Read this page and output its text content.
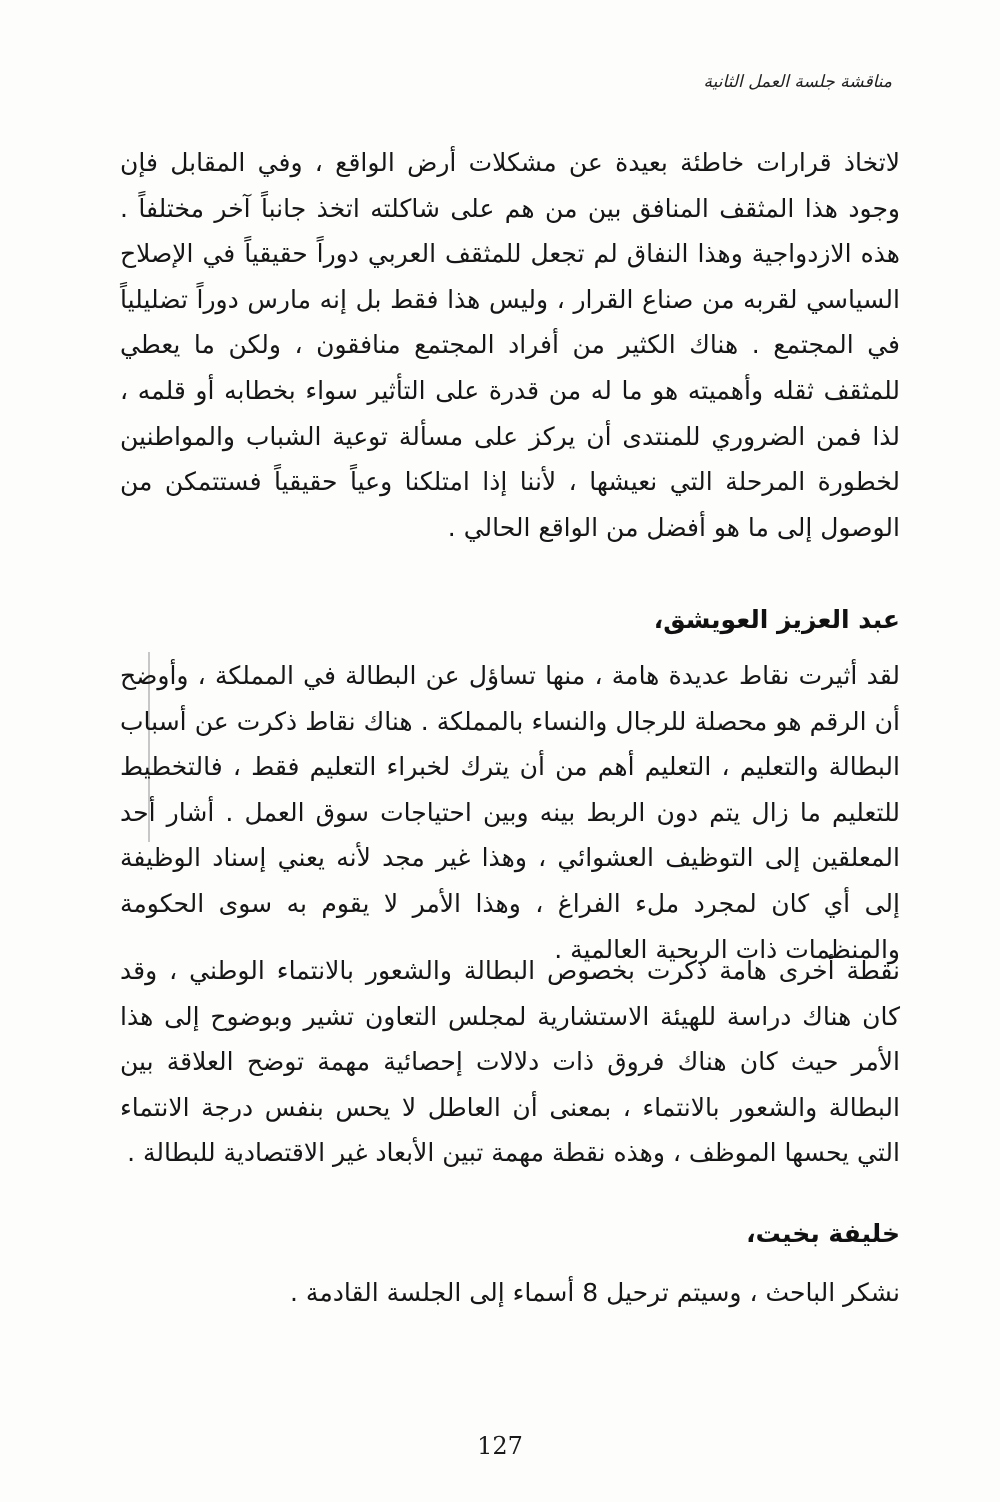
مناقشة جلسة العمل الثانية
لاتخاذ قرارات خاطئة بعيدة عن مشكلات أرض الواقع ، وفي المقابل فإن وجود هذا المثقف المنافق بين من هم على شاكلته اتخذ جانباً آخر مختلفاً . هذه الازدواجية وهذا النفاق لم تجعل للمثقف العربي دوراً حقيقياً في الإصلاح السياسي لقربه من صناع القرار ، وليس هذا فقط بل إنه مارس دوراً تضليلياً في المجتمع . هناك الكثير من أفراد المجتمع منافقون ، ولكن ما يعطي للمثقف ثقله وأهميته هو ما له من قدرة على التأثير سواء بخطابه أو قلمه ، لذا فمن الضروري للمنتدى أن يركز على مسألة توعية الشباب والمواطنين لخطورة المرحلة التي نعيشها ، لأننا إذا امتلكنا وعياً حقيقياً فستتمكن من الوصول إلى ما هو أفضل من الواقع الحالي .
عبد العزيز العويشق،
لقد أثيرت نقاط عديدة هامة ، منها تساؤل عن البطالة في المملكة ، وأوضح أن الرقم هو محصلة للرجال والنساء بالمملكة . هناك نقاط ذكرت عن أسباب البطالة والتعليم ، التعليم أهم من أن يترك لخبراء التعليم فقط ، فالتخطيط للتعليم ما زال يتم دون الربط بينه وبين احتياجات سوق العمل . أشار أحد المعلقين إلى التوظيف العشوائي ، وهذا غير مجد لأنه يعني إسناد الوظيفة إلى أي كان لمجرد ملء الفراغ ، وهذا الأمر لا يقوم به سوى الحكومة والمنظمات ذات الربحية العالمية .
نقطة أخرى هامة ذكرت بخصوص البطالة والشعور بالانتماء الوطني ، وقد كان هناك دراسة للهيئة الاستشارية لمجلس التعاون تشير وبوضوح إلى هذا الأمر حيث كان هناك فروق ذات دلالات إحصائية مهمة توضح العلاقة بين البطالة والشعور بالانتماء ، بمعنى أن العاطل لا يحس بنفس درجة الانتماء التي يحسها الموظف ، وهذه نقطة مهمة تبين الأبعاد غير الاقتصادية للبطالة .
خليفة بخيت،
نشكر الباحث ، وسيتم ترحيل 8 أسماء إلى الجلسة القادمة .
127
